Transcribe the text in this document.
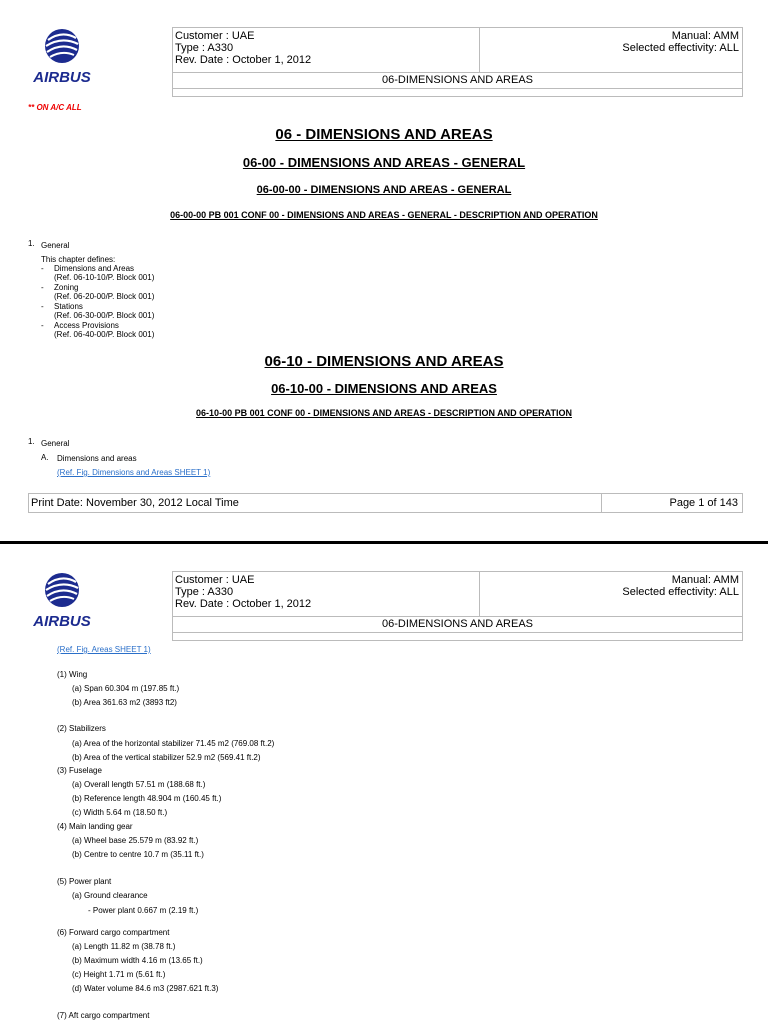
AIRBUS
Customer : UAE
Type : A330
Rev. Date : October 1, 2012
Manual: AMM
Selected effectivity: ALL
06-DIMENSIONS AND AREAS
** ON A/C ALL
06 - DIMENSIONS AND AREAS
06-00 - DIMENSIONS AND AREAS - GENERAL
06-00-00 - DIMENSIONS AND AREAS - GENERAL
06-00-00 PB 001 CONF 00 - DIMENSIONS AND AREAS - GENERAL - DESCRIPTION AND OPERATION
1. General
This chapter defines:
- Dimensions and Areas
(Ref. 06-10-10/P. Block 001)
- Zoning
(Ref. 06-20-00/P. Block 001)
- Stations
(Ref. 06-30-00/P. Block 001)
- Access Provisions
(Ref. 06-40-00/P. Block 001)
06-10 - DIMENSIONS AND AREAS
06-10-00 - DIMENSIONS AND AREAS
06-10-00 PB 001 CONF 00 - DIMENSIONS AND AREAS - DESCRIPTION AND OPERATION
1. General
A. Dimensions and areas
(Ref. Fig. Dimensions and Areas SHEET 1)
Print Date: November 30, 2012 Local Time	Page 1 of 143
AIRBUS
Customer : UAE
Type : A330
Rev. Date : October 1, 2012
Manual: AMM
Selected effectivity: ALL
06-DIMENSIONS AND AREAS
(Ref. Fig. Areas SHEET 1)
(1) Wing
(a) Span 60.304 m (197.85 ft.)
(b) Area 361.63 m2 (3893 ft2)
(2) Stabilizers
(a) Area of the horizontal stabilizer 71.45 m2 (769.08 ft.2)
(b) Area of the vertical stabilizer 52.9 m2 (569.41 ft.2)
(3) Fuselage
(a) Overall length 57.51 m (188.68 ft.)
(b) Reference length 48.904 m (160.45 ft.)
(c) Width 5.64 m (18.50 ft.)
(4) Main landing gear
(a) Wheel base 25.579 m (83.92 ft.)
(b) Centre to centre 10.7 m (35.11 ft.)
(5) Power plant
(a) Ground clearance
- Power plant 0.667 m (2.19 ft.)
(6) Forward cargo compartment
(a) Length 11.82 m (38.78 ft.)
(b) Maximum width 4.16 m (13.65 ft.)
(c) Height 1.71 m (5.61 ft.)
(d) Water volume 84.6 m3 (2987.621 ft.3)
(7) Aft cargo compartment
